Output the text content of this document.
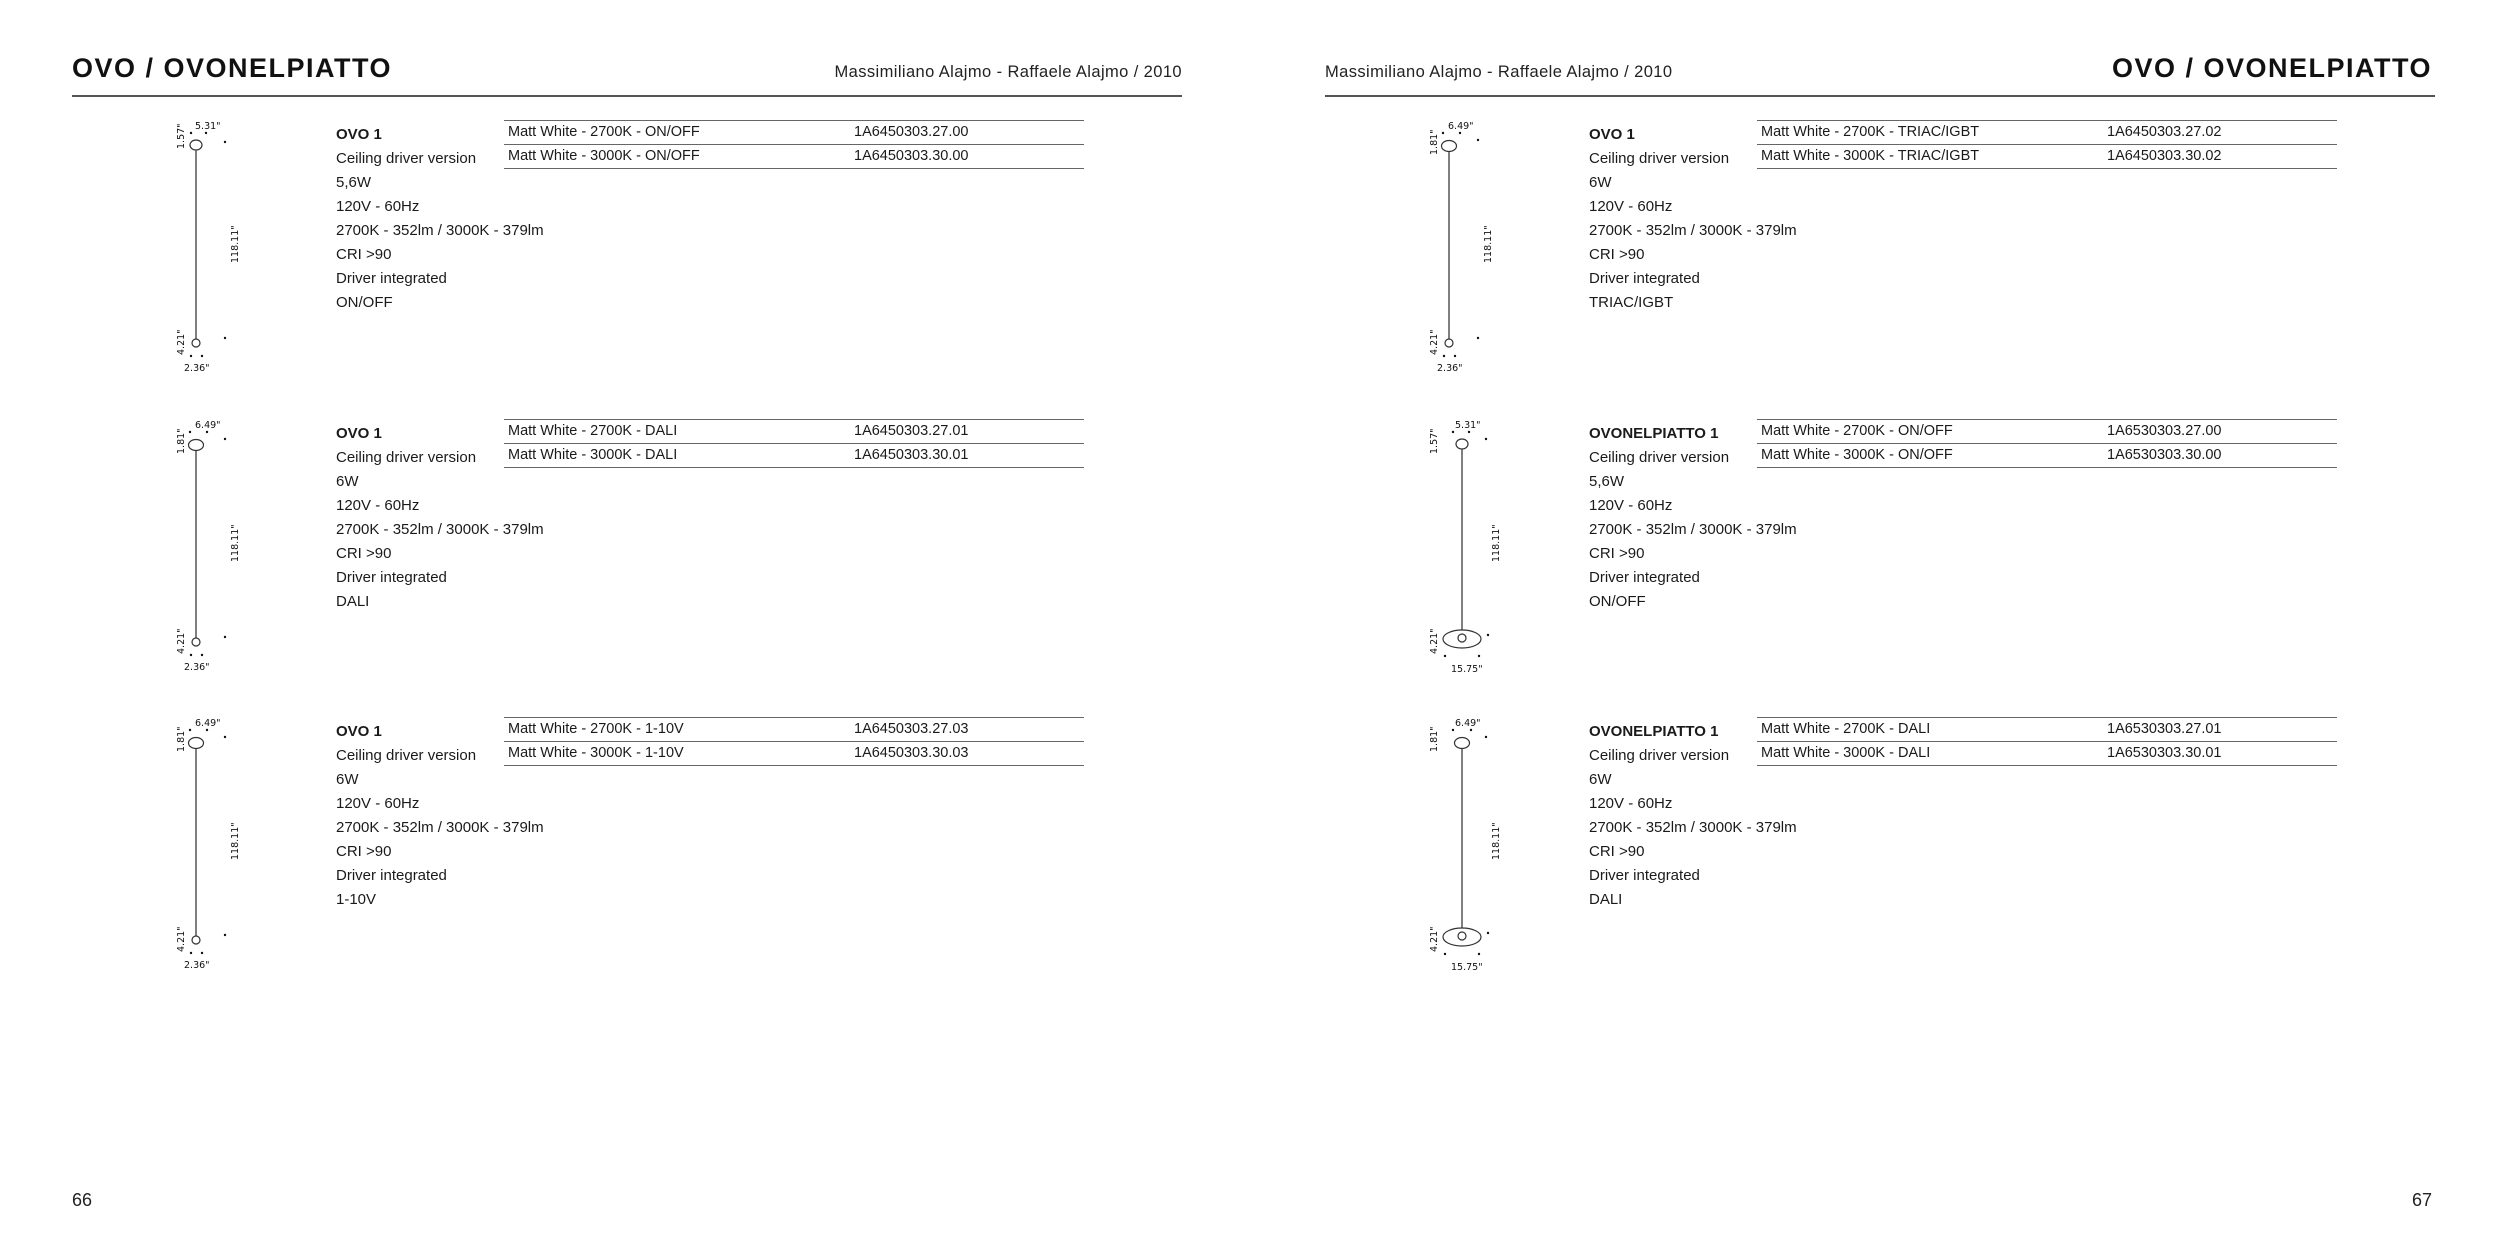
OVO / OVONELPIATTO	Massimiliano Alajmo - Raffaele Alajmo / 2010
5.31"
1.57"
118.11"
4.21"
2.36"
OVO 1
Ceiling driver version
5,6W
120V - 60Hz
2700K - 352lm / 3000K - 379lm
CRI >90
Driver integrated
ON/OFF
Matt White - 2700K - ON/OFF	1A6450303.27.00
Matt White - 3000K - ON/OFF	1A6450303.30.00
6.49"
1.81"
118.11"
4.21"
2.36"
OVO 1
Ceiling driver version
6W
120V - 60Hz
2700K - 352lm / 3000K - 379lm
CRI >90
Driver integrated
DALI
Matt White - 2700K - DALI	1A6450303.27.01
Matt White - 3000K - DALI	1A6450303.30.01
6.49"
1.81"
118.11"
4.21"
2.36"
OVO 1
Ceiling driver version
6W
120V - 60Hz
2700K - 352lm / 3000K - 379lm
CRI >90
Driver integrated
1-10V
Matt White - 2700K - 1-10V	1A6450303.27.03
Matt White - 3000K - 1-10V	1A6450303.30.03
66
OVO / OVONELPIATTO
Massimiliano Alajmo - Raffaele Alajmo / 2010
6.49"
1.81"
118.11"
4.21"
2.36"
OVO 1
Ceiling driver version
6W
120V - 60Hz
2700K - 352lm / 3000K - 379lm
CRI >90
Driver integrated
TRIAC/IGBT
Matt White - 2700K - TRIAC/IGBT	1A6450303.27.02
Matt White - 3000K - TRIAC/IGBT	1A6450303.30.02
5.31"
1.57"
118.11"
4.21"
15.75"
OVONELPIATTO 1
Ceiling driver version
5,6W
120V - 60Hz
2700K - 352lm / 3000K - 379lm
CRI >90
Driver integrated
ON/OFF
Matt White - 2700K - ON/OFF	1A6530303.27.00
Matt White - 3000K - ON/OFF	1A6530303.30.00
6.49"
1.81"
118.11"
4.21"
15.75"
OVONELPIATTO 1
Ceiling driver version
6W
120V - 60Hz
2700K - 352lm / 3000K - 379lm
CRI >90
Driver integrated
DALI
Matt White - 2700K - DALI	1A6530303.27.01
Matt White - 3000K - DALI	1A6530303.30.01
67
